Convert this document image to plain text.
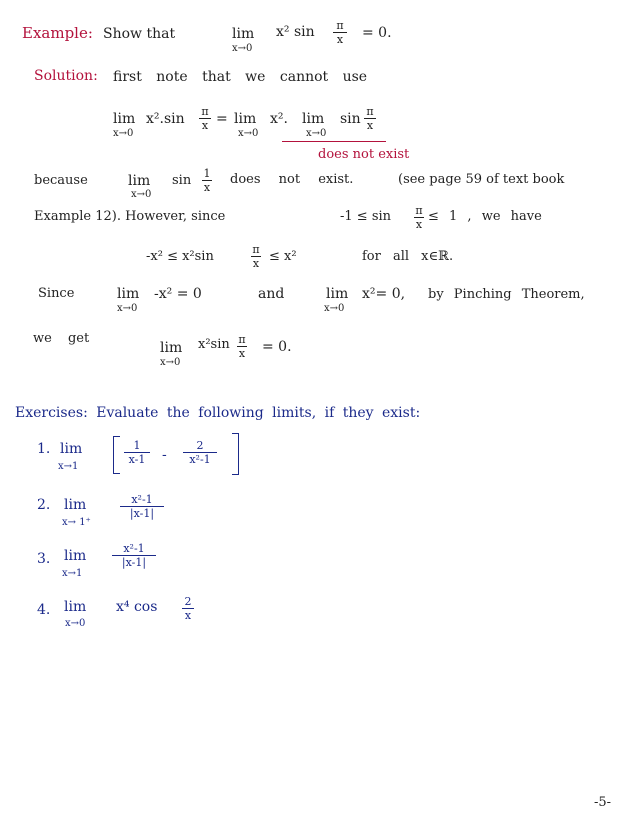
Example: Show that	lim
x→0
x² sin	π
x = 0.
Solution: first note that we cannot use
lim
x→0
x².sin π
x = lim
x→0
x². lim
x→0
sin π
x
does not exist
because	lim
x→0
sin 1
x
does not exist.	(see page 59 of text book
Example 12). However, since	-1 ≤ sin π
x
≤ 1 , we have
-x² ≤ x²sin	π
x ≤ x²	for all x∈ℝ.
Since	lim
x→0
-x² = 0	and	lim
x→0
x²= 0, by Pinching Theorem,
we get
lim
x→0
x²sin π
x = 0.
Exercises: Evaluate the following limits, if they exist:
1. lim
x→1
1
x-1	-
2
x²-1
2. lim
x→ 1⁺
x²-1
|x-1|
3. lim
x→1
x²-1
|x-1|
4. lim
x→0
x⁴ cos 2
x
-5-
